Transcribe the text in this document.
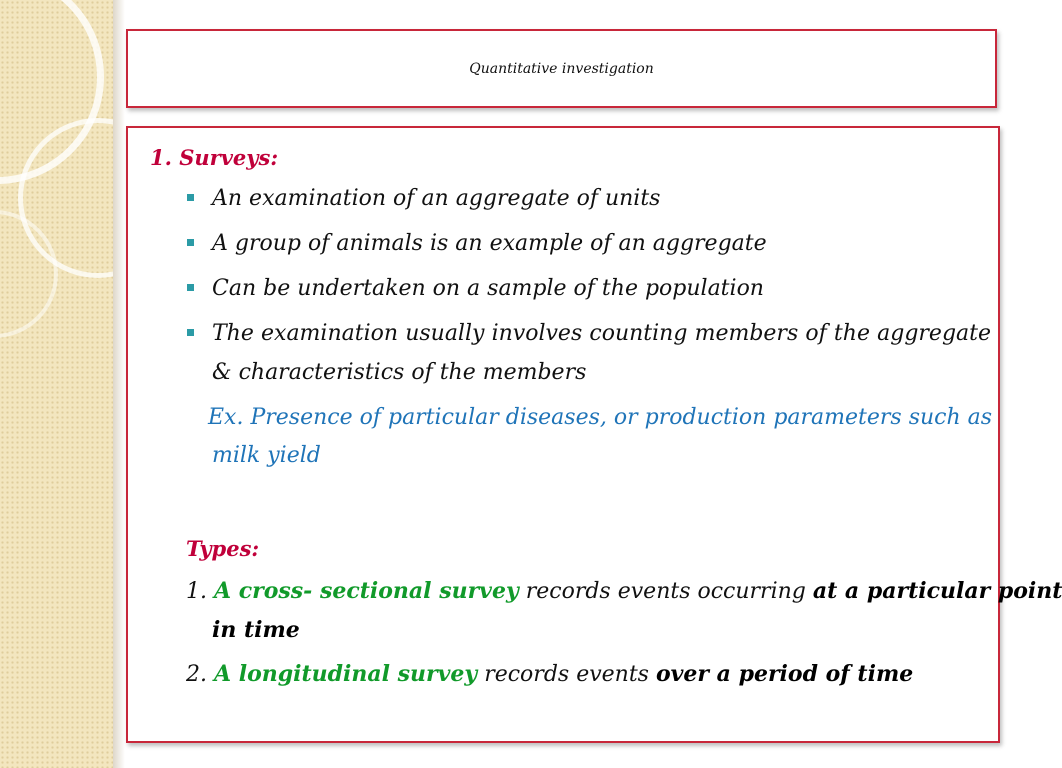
Quantitative investigation
1. Surveys:
An examination of an aggregate of units
A group of animals is an example of an aggregate
Can be undertaken on a sample of the population
The examination usually involves counting members of the aggregate
& characteristics of the members
Ex. Presence of particular diseases, or production parameters such as
milk yield
Types:
1. A cross- sectional survey records events occurring at a particular point
in time
2. A longitudinal survey records events over a period of time
